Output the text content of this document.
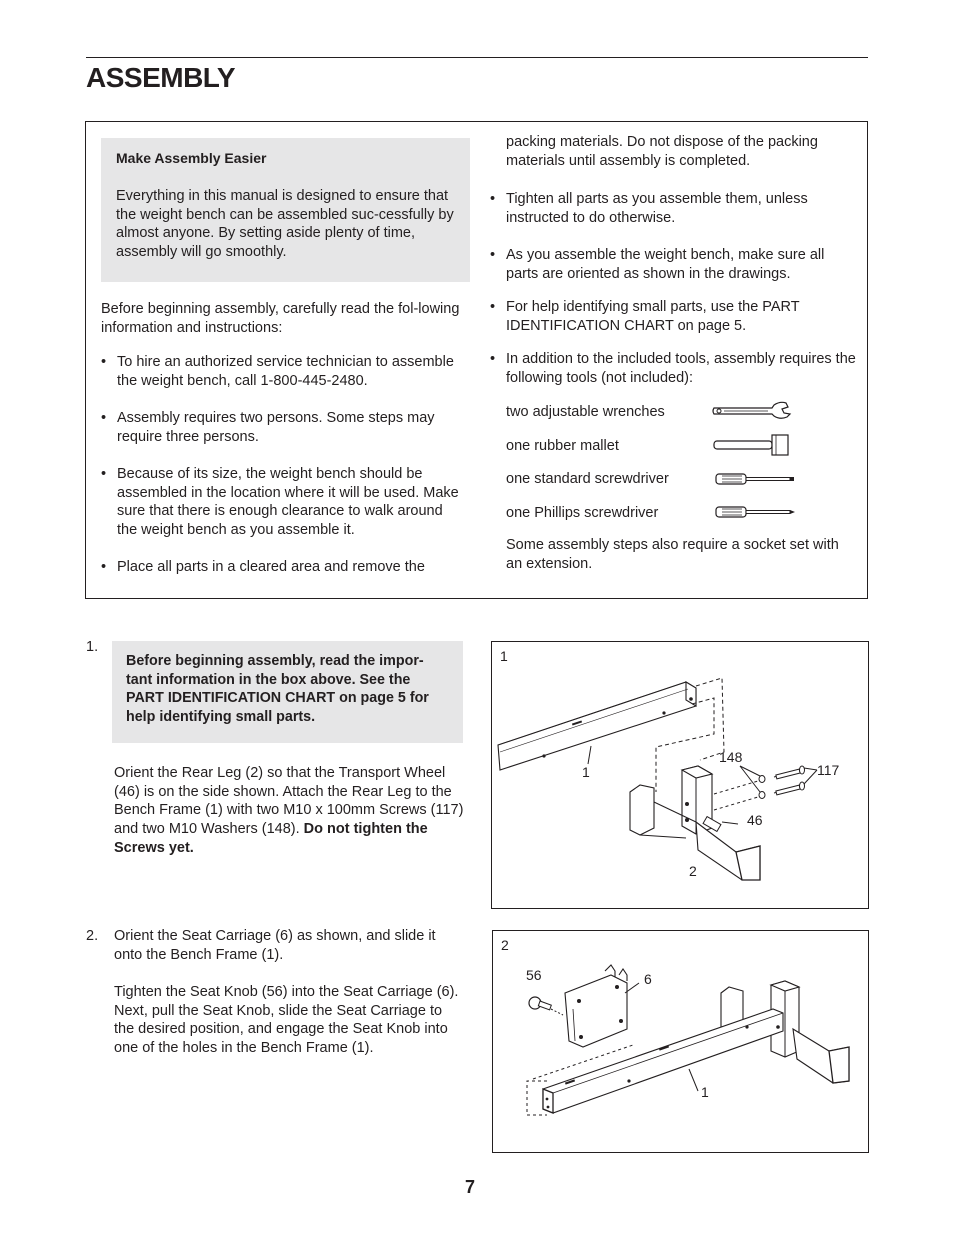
ASSEMBLY
Make Assembly Easier
Everything in this manual is designed to ensure that the weight bench can be assembled suc-cessfully by almost anyone. By setting aside plenty of time, assembly will go smoothly.
Before beginning assembly, carefully read the fol-lowing information and instructions:
• To hire an authorized service technician to assemble the weight bench, call 1-800-445-2480.
• Assembly requires two persons. Some steps may require three persons.
• Because of its size, the weight bench should be assembled in the location where it will be used. Make sure that there is enough clearance to walk around the weight bench as you assemble it.
• Place all parts in a cleared area and remove the
packing materials. Do not dispose of the packing materials until assembly is completed.
• Tighten all parts as you assemble them, unless instructed to do otherwise.
• As you assemble the weight bench, make sure all parts are oriented as shown in the drawings.
• For help identifying small parts, use the PART IDENTIFICATION CHART on page 5.
• In addition to the included tools, assembly requires the following tools (not included):
two adjustable wrenches
one rubber mallet
one standard screwdriver
one Phillips screwdriver
Some assembly steps also require a socket set with an extension.
1.
Before beginning assembly, read the impor-tant information in the box above. See the PART IDENTIFICATION CHART on page 5 for help identifying small parts.
Orient the Rear Leg (2) so that the Transport Wheel (46) is on the side shown. Attach the Rear Leg to the Bench Frame (1) with two M10 x 100mm Screws (117) and two M10 Washers (148). Do not tighten the Screws yet.
1
1
148
117
46
2
2. Orient the Seat Carriage (6) as shown, and slide it onto the Bench Frame (1).
Tighten the Seat Knob (56) into the Seat Carriage (6). Next, pull the Seat Knob, slide the Seat Carriage to the desired position, and engage the Seat Knob into one of the holes in the Bench Frame (1).
2
56	6
1
7
